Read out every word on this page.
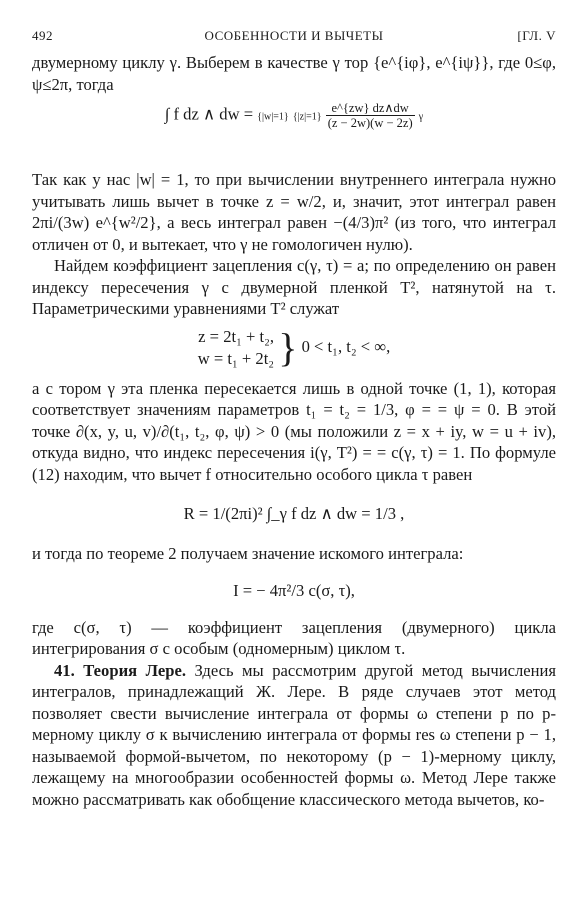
492	ОСОБЕННОСТИ И ВЫЧЕТЫ	[ГЛ. V

двумерному циклу γ. Выберем в качестве γ тор {e^{iφ}, e^{iψ}}, где 0≤φ, ψ≤2π, тогда

∫ f dz ∧ dw = {|w|=1} $\{|z|=1\} \frac{e\^{}\{zw\} dz\wedge dw}{(z - 2w)(w - 2z)}$ γ

Так как у нас |w| = 1, то при вычислении внутреннего интеграла нужно учитывать лишь вычет в точке z = w/2, и, значит, этот интеграл равен 2πi/(3w) e^{w²/2}, а весь интеграл равен −(4/3)π² (из того, что интеграл отличен от 0, и вытекает, что γ не гомологичен нулю).

Найдем коэффициент зацепления c(γ, τ) = a; по определению он равен индексу пересечения γ с двумерной пленкой T², натянутой на τ. Параметрическими уравнениями T² служат

z = 2t₁ + t₂,
w = t₁ + 2t₂ } 0 < t₁, t₂ < ∞,

а с тором γ эта пленка пересекается лишь в одной точке (1, 1), которая соответствует значениям параметров t₁ = t₂ = 1/3, φ = = ψ = 0. В этой точке ∂(x, y, u, v)/∂(t₁, t₂, φ, ψ) > 0 (мы положили z = x + iy, w = u + iv), откуда видно, что индекс пересечения i(γ, T²) = = c(γ, τ) = 1. По формуле (12) находим, что вычет f относительно особого цикла τ равен

R = 1/(2πi)² ∫_γ f dz ∧ dw = 1/3 ,

и тогда по теореме 2 получаем значение искомого интеграла:

I = − 4π²/3 c(σ, τ),

где c(σ, τ) — коэффициент зацепления (двумерного) цикла интегрирования σ с особым (одномерным) циклом τ.

41. Теория Лере. Здесь мы рассмотрим другой метод вычисления интегралов, принадлежащий Ж. Лере. В ряде случаев этот метод позволяет свести вычисление интеграла от формы ω степени p по p-мерному циклу σ к вычислению интеграла от формы res ω степени p − 1, называемой формой-вычетом, по некоторому (p − 1)-мерному циклу, лежащему на многообразии особенностей формы ω. Метод Лере также можно рассматривать как обобщение классического метода вычетов, ко-
